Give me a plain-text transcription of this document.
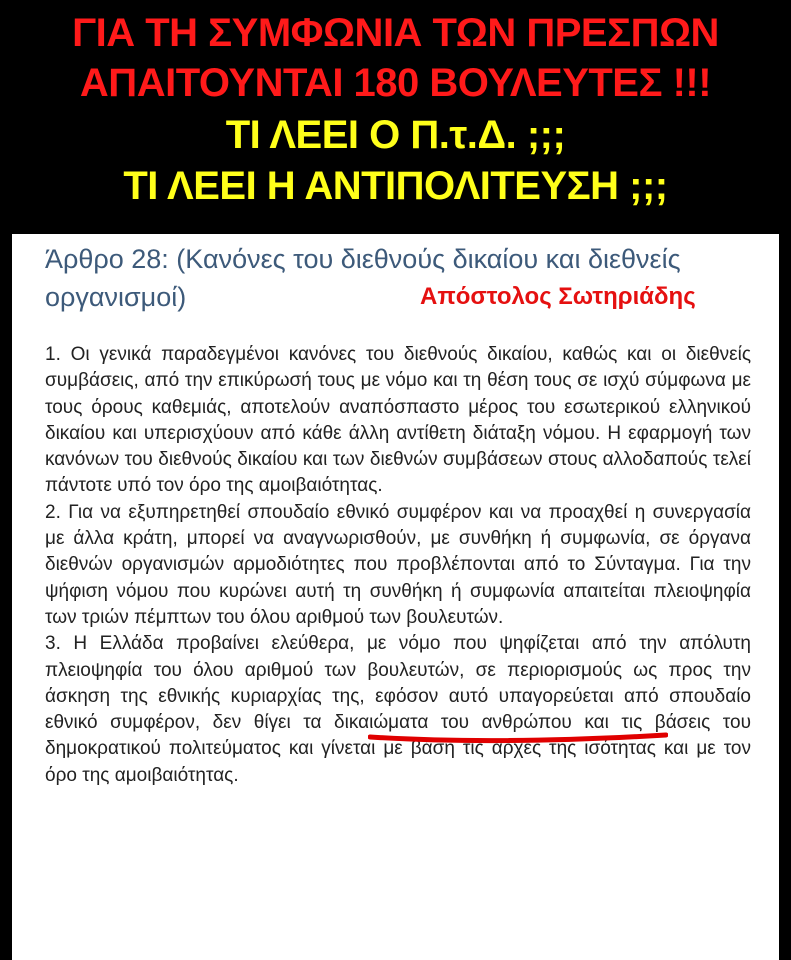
ΓΙΑ ΤΗ ΣΥΜΦΩΝΙΑ ΤΩΝ ΠΡΕΣΠΩΝ
ΑΠΑΙΤΟΥΝΤΑΙ 180 ΒΟΥΛΕΥΤΕΣ !!!
ΤΙ ΛΕΕΙ Ο Π.τ.Δ. ;;;
ΤΙ ΛΕΕΙ Η ΑΝΤΙΠΟΛΙΤΕΥΣΗ ;;;
Άρθρο 28: (Κανόνες του διεθνούς δικαίου και διεθνείς οργανισμοί)	Απόστολος Σωτηριάδης

1. Οι γενικά παραδεγμένοι κανόνες του διεθνούς δικαίου, καθώς και οι διεθνείς συμβάσεις, από την επικύρωσή τους με νόμο και τη θέση τους σε ισχύ σύμφωνα με τους όρους καθεμιάς, αποτελούν αναπόσπαστο μέρος του εσωτερικού ελληνικού δικαίου και υπερισχύουν από κάθε άλλη αντίθετη διάταξη νόμου. Η εφαρμογή των κανόνων του διεθνούς δικαίου και των διεθνών συμβάσεων στους αλλοδαπούς τελεί πάντοτε υπό τον όρο της αμοιβαιότητας.

2. Για να εξυπηρετηθεί σπουδαίο εθνικό συμφέρον και να προαχθεί η συνεργασία με άλλα κράτη, μπορεί να αναγνωρισθούν, με συνθήκη ή συμφωνία, σε όργανα διεθνών οργανισμών αρμοδιότητες που προβλέπονται από το Σύνταγμα. Για την ψήφιση νόμου που κυρώνει αυτή τη συνθήκη ή συμφωνία απαιτείται πλειοψηφία των τριών πέμπτων του όλου αριθμού των βουλευτών.

3. Η Ελλάδα προβαίνει ελεύθερα, με νόμο που ψηφίζεται από την απόλυτη πλειοψηφία του όλου αριθμού των βουλευτών, σε περιορισμούς ως προς την άσκηση της εθνικής κυριαρχίας της, εφόσον αυτό υπαγορεύεται από σπουδαίο εθνικό συμφέρον, δεν θίγει τα δικαιώματα του ανθρώπου και τις βάσεις του δημοκρατικού πολιτεύματος και γίνεται με βάση τις αρχές της ισότητας και με τον όρο της αμοιβαιότητας.
